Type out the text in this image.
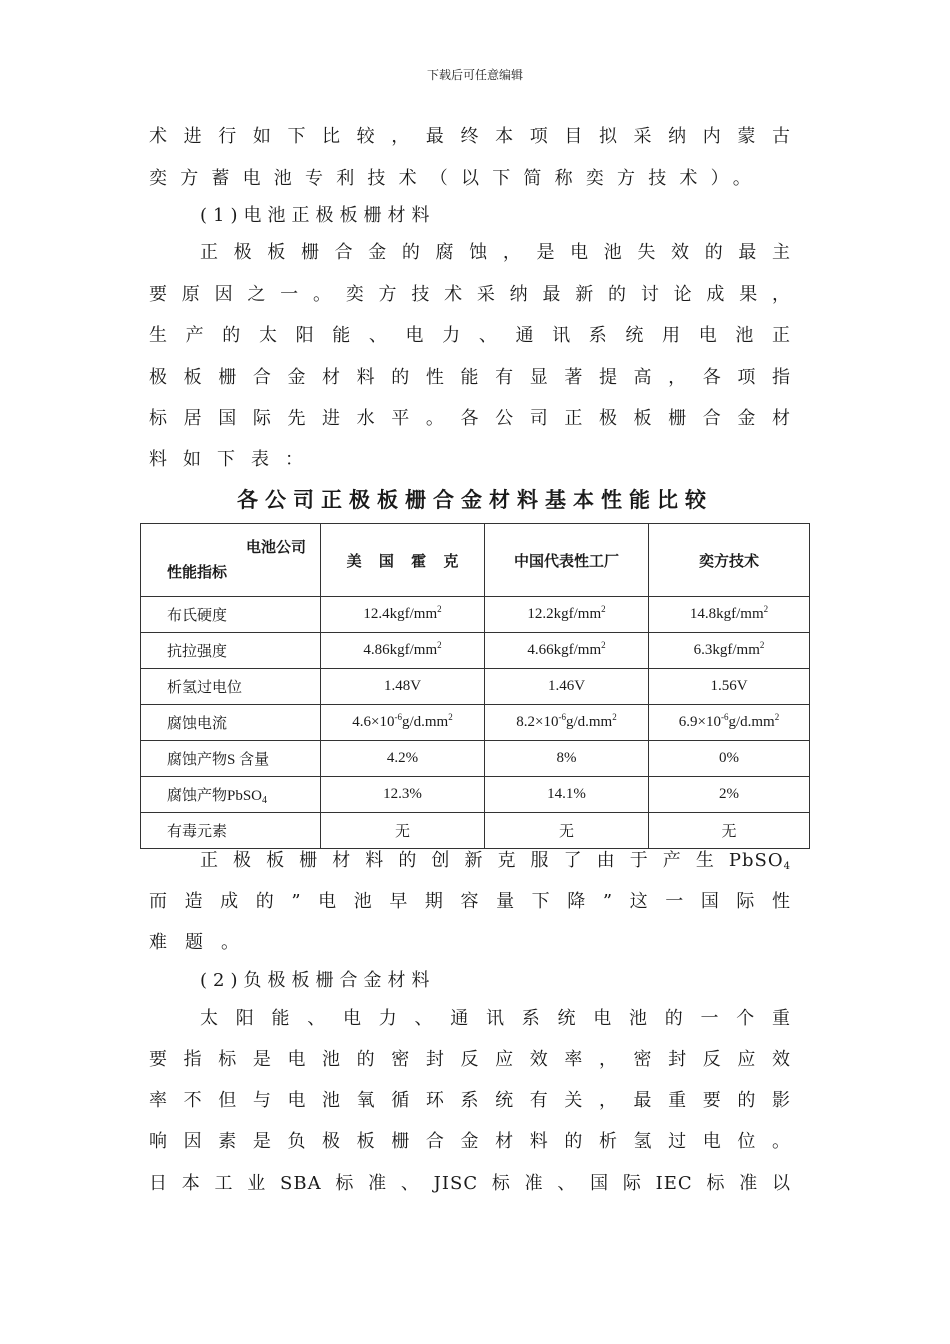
下载后可任意编辑
术进行如下比较，最终本项目拟采纳内蒙古
奕方蓄电池专利技术（以下简称奕方技术）。
(1)电池正极板栅材料
正极板栅合金的腐蚀，是电池失效的最主
要原因之一。奕方技术采纳最新的讨论成果，
生产的太阳能、电力、通讯系统用电池正
极板栅合金材料的性能有显著提高，各项指
标居国际先进水平。各公司正极板栅合金材
料如下表：
各公司正极板栅合金材料基本性能比较
电池公司
性能指标	美 国 霍 克	中国代表性工厂	奕方技术
布氏硬度	$12.4kgf/mm^2$	$12.2kgf/mm^2$	$14.8kgf/mm^2$
抗拉强度	$4.86kgf/mm^2$	$4.66kgf/mm^2$	$6.3kgf/mm^2$
析氢过电位	1.48V	1.46V	1.56V
腐蚀电流	$4.6\times 10^{-6}g/d.mm^2$	$8.2\times 10^{-6}g/d.mm^2$	$6.9\times 10^{-6}g/d.mm^2$
腐蚀产物S 含量	4.2%	8%	0%
腐蚀产物PbSO$_4$	12.3%	14.1%	2%
有毒元素	无	无	无
正极板栅材料的创新克服了由于产生PbSO$_4$
而造成的”电池早期容量下降”这一国际性
难题。
(2)负极板栅合金材料
太阳能、电力、通讯系统电池的一个重
要指标是电池的密封反应效率，密封反应效
率不但与电池氧循环系统有关，最重要的影
响因素是负极板栅合金材料的析氢过电位。
日本工业SBA标准、JISC标准、国际IEC标准以
